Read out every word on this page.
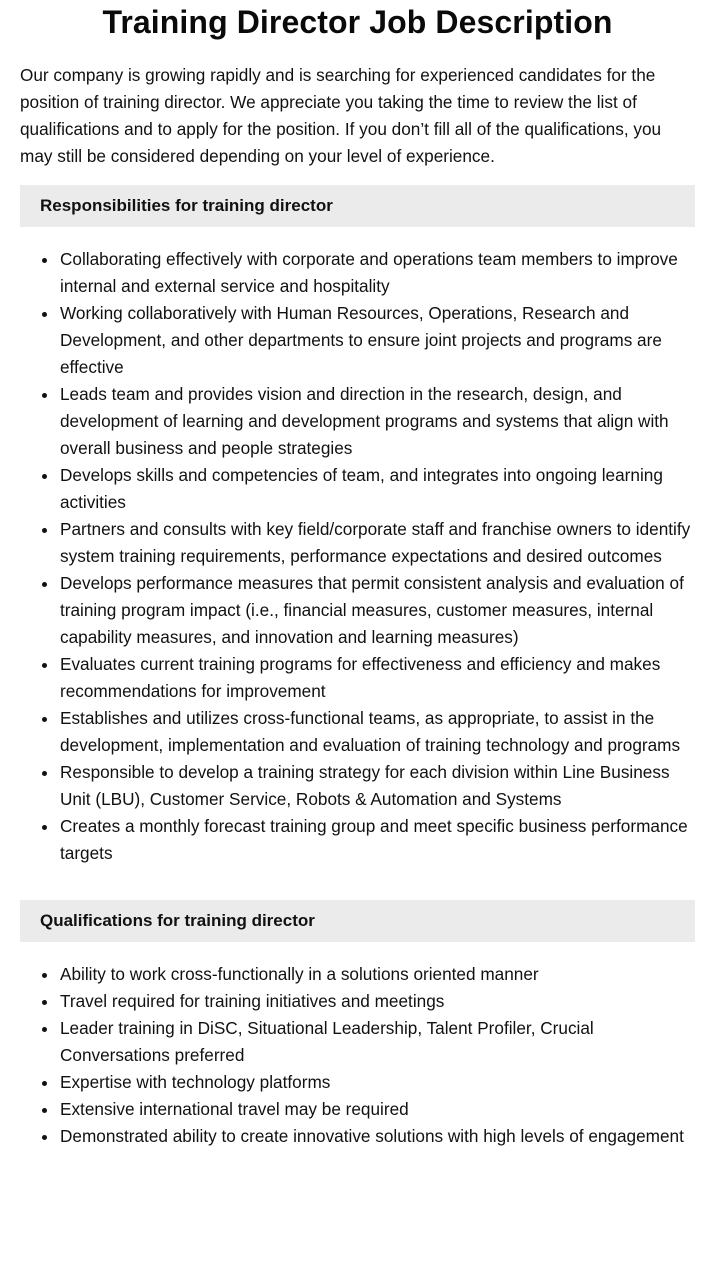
Training Director Job Description

Our company is growing rapidly and is searching for experienced candidates for the position of training director. We appreciate you taking the time to review the list of qualifications and to apply for the position. If you don’t fill all of the qualifications, you may still be considered depending on your level of experience.

Responsibilities for training director
Collaborating effectively with corporate and operations team members to improve internal and external service and hospitality
Working collaboratively with Human Resources, Operations, Research and Development, and other departments to ensure joint projects and programs are effective
Leads team and provides vision and direction in the research, design, and development of learning and development programs and systems that align with overall business and people strategies
Develops skills and competencies of team, and integrates into ongoing learning activities
Partners and consults with key field/corporate staff and franchise owners to identify system training requirements, performance expectations and desired outcomes
Develops performance measures that permit consistent analysis and evaluation of training program impact (i.e., financial measures, customer measures, internal capability measures, and innovation and learning measures)
Evaluates current training programs for effectiveness and efficiency and makes recommendations for improvement
Establishes and utilizes cross-functional teams, as appropriate, to assist in the development, implementation and evaluation of training technology and programs
Responsible to develop a training strategy for each division within Line Business Unit (LBU), Customer Service, Robots & Automation and Systems
Creates a monthly forecast training group and meet specific business performance targets
Qualifications for training director
Ability to work cross-functionally in a solutions oriented manner
Travel required for training initiatives and meetings
Leader training in DiSC, Situational Leadership, Talent Profiler, Crucial Conversations preferred
Expertise with technology platforms
Extensive international travel may be required
Demonstrated ability to create innovative solutions with high levels of engagement
